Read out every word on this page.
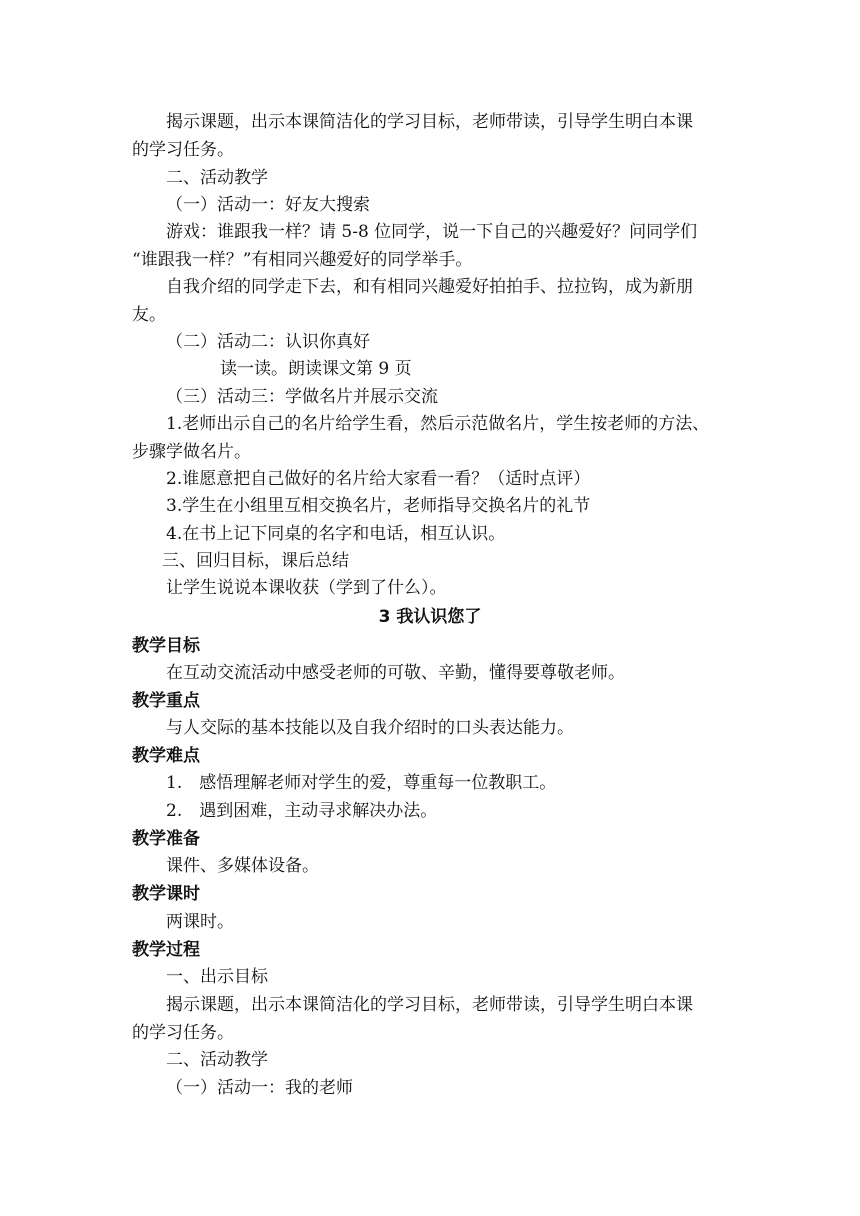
揭示课题，出示本课简洁化的学习目标，老师带读，引导学生明白本课
的学习任务。
二、活动教学
（一）活动一：好友大搜索
游戏：谁跟我一样？请 5-8 位同学，说一下自己的兴趣爱好？问同学们
“谁跟我一样？”有相同兴趣爱好的同学举手。
自我介绍的同学走下去，和有相同兴趣爱好拍拍手、拉拉钩，成为新朋
友。
（二）活动二：认识你真好
读一读。朗读课文第 9 页
（三）活动三：学做名片并展示交流
1.老师出示自己的名片给学生看，然后示范做名片，学生按老师的方法、
步骤学做名片。
2.谁愿意把自己做好的名片给大家看一看？（适时点评）
3.学生在小组里互相交换名片，老师指导交换名片的礼节
4.在书上记下同桌的名字和电话，相互认识。
三、回归目标，课后总结
让学生说说本课收获（学到了什么）。
3 我认识您了
教学目标
在互动交流活动中感受老师的可敬、辛勤，懂得要尊敬老师。
教学重点
与人交际的基本技能以及自我介绍时的口头表达能力。
教学难点
1.　感悟理解老师对学生的爱，尊重每一位教职工。
2.　遇到困难，主动寻求解决办法。
教学准备
课件、多媒体设备。
教学课时
两课时。
教学过程
一、出示目标
揭示课题，出示本课简洁化的学习目标，老师带读，引导学生明白本课
的学习任务。
二、活动教学
（一）活动一：我的老师
